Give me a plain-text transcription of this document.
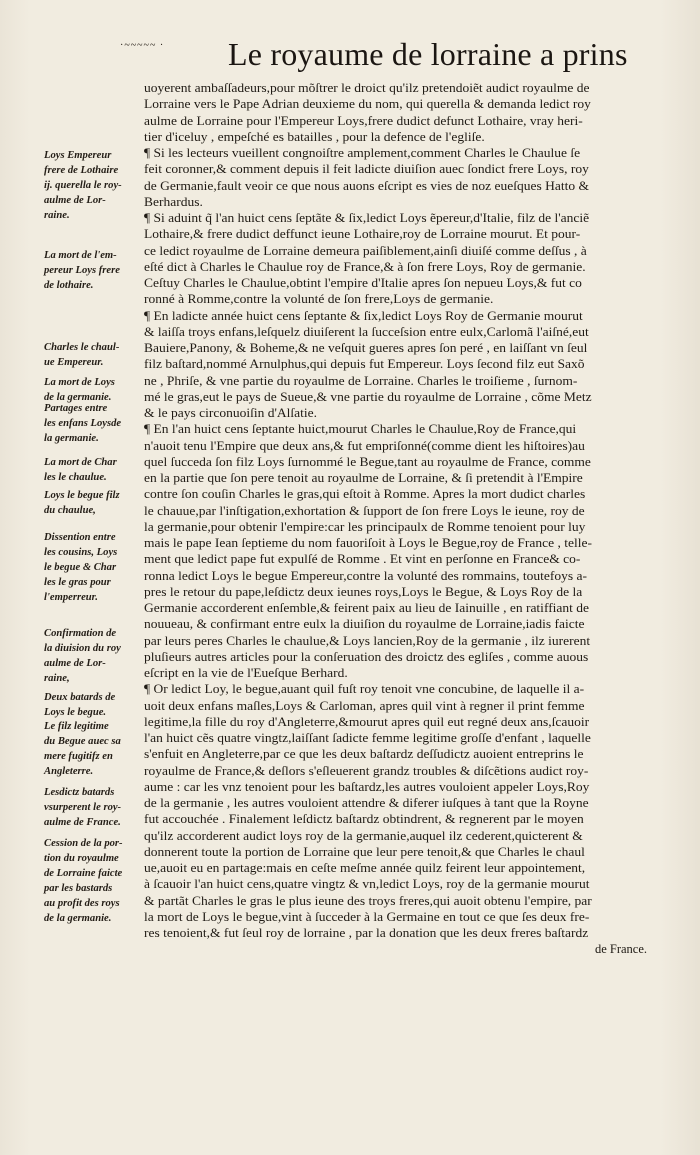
·~~~~~ · Le royaume de lorraine a prins
Loys Empereur
frere de Lothaire
ij. querella le roy-
aulme de Lor-
raine.
La mort de l'em-
pereur Loys frere
de lothaire.
Charles le chaul-
ue Empereur.
La mort de Loys
de la germanie.
Partages entre
les enfans Loysde
la germanie.
La mort de Char
les le chaulue.
Loys le begue filz
du chaulue,
Dissention entre
les cousins, Loys
le begue & Char
les le gras pour
l'emperreur.
Confirmation de
la diuision du roy
aulme de Lor-
raine,
Deux batards de
Loys le begue.
Le filz legitime
du Begue auec sa
mere fugitifz en
Angleterre.
Lesdictz batards
vsurperent le roy-
aulme de France.
Cession de la por-
tion du royaulme
de Lorraine faicte
par les bastards
au profit des roys
de la germanie.
uoyerent ambaſſadeurs,pour mõſtrer le droict qu'ilz pretendoiẽt audict royaulme de
Lorraine vers le Pape Adrian deuxieme du nom, qui querella & demanda ledict roy
aulme de Lorraine pour l'Empereur Loys,frere dudict defunct Lothaire, vray heri-
tier d'iceluy , empeſché es batailles , pour la defence de l'egliſe.
¶ Si les lecteurs vueillent congnoiſtre amplement,comment Charles le Chaulue ſe
feit coronner,& comment depuis il feit ladicte diuiſion auec ſondict frere Loys, roy
de Germanie,fault veoir ce que nous auons eſcript es vies de noz eueſques Hatto &
Berhardus.
¶ Si aduint q̃ l'an huict cens ſeptãte & ſix,ledict Loys ẽpereur,d'Italie, filz de l'anciẽ
Lothaire,& frere dudict deffunct ieune Lothaire,roy de Lorraine mourut. Et pour-
ce ledict royaulme de Lorraine demeura paiſiblement,ainſi diuiſé comme deſſus , à
eſté dict à Charles le Chaulue roy de France,& à ſon frere Loys, Roy de germanie.
Ceſtuy Charles le Chaulue,obtint l'empire d'Italie apres ſon nepueu Loys,& fut co
ronné à Romme,contre la volunté de ſon frere,Loys de germanie.
¶ En ladicte année huict cens ſeptante & ſix,ledict Loys Roy de Germanie mourut
& laiſſa troys enfans,leſquelz diuiſerent la ſucceſsion entre eulx,Carlomã l'aiſné,eut
Bauiere,Panony, & Boheme,& ne veſquit gueres apres ſon peré , en laiſſant vn ſeul
filz baſtard,nommé Arnulphus,qui depuis fut Empereur. Loys ſecond filz eut Saxõ
ne , Phriſe, & vne partie du royaulme de Lorraine. Charles le troiſieme , ſurnom-
mé le gras,eut le pays de Sueue,& vne partie du royaulme de Lorraine , cõme Metz
& le pays circonuoiſin d'Alſatie.
¶ En l'an huict cens ſeptante huict,mourut Charles le Chaulue,Roy de France,qui
n'auoit tenu l'Empire que deux ans,& fut empriſonné(comme dient les hiſtoires)au
quel ſucceda ſon filz Loys ſurnommé le Begue,tant au royaulme de France, comme
en la partie que ſon pere tenoit au royaulme de Lorraine, & ſi pretendit à l'Empire
contre ſon couſin Charles le gras,qui eſtoit à Romme. Apres la mort dudict charles
le chauue,par l'inſtigation,exhortation & ſupport de ſon frere Loys le ieune, roy de
la germanie,pour obtenir l'empire:car les principaulx de Romme tenoient pour luy
mais le pape Iean ſeptieme du nom fauoriſoit à Loys le Begue,roy de France , telle-
ment que ledict pape fut expulſé de Romme . Et vint en perſonne en France& co-
ronna ledict Loys le begue Empereur,contre la volunté des rommains, toutefoys a-
pres le retour du pape,leſdictz deux ieunes roys,Loys le Begue, & Loys Roy de la
Germanie accorderent enſemble,& feirent paix au lieu de Iainuille , en ratiffiant de
nouueau, & confirmant entre eulx la diuiſion du royaulme de Lorraine,iadis faicte
par leurs peres Charles le chaulue,& Loys lancien,Roy de la germanie , ilz iurerent
pluſieurs autres articles pour la conſeruation des droictz des egliſes , comme auous
eſcript en la vie de l'Eueſque Berhard.
¶ Or ledict Loy, le begue,auant quil fuſt roy tenoit vne concubine, de laquelle il a-
uoit deux enfans maſles,Loys & Carloman, apres quil vint à regner il print femme
legitime,la fille du roy d'Angleterre,&mourut apres quil eut regné deux ans,ſcauoir
l'an huict cẽs quatre vingtz,laiſſant ſadicte femme legitime groſſe d'enfant , laquelle
s'enfuit en Angleterre,par ce que les deux baſtardz deſſudictz auoient entreprins le
royaulme de France,& deſlors s'eſleuerent grandz troubles & diſcẽtions audict roy-
aume : car les vnz tenoient pour les baſtardz,les autres vouloient appeler Loys,Roy
de la germanie , les autres vouloient attendre & diferer iuſques à tant que la Royne
fut accouchée . Finalement leſdictz baſtardz obtindrent, & regnerent par le moyen
qu'ilz accorderent audict loys roy de la germanie,auquel ilz cederent,quicterent &
donnerent toute la portion de Lorraine que leur pere tenoit,& que Charles le chaul
ue,auoit eu en partage:mais en ceſte meſme année quilz feirent leur appointement,
à ſcauoir l'an huict cens,quatre vingtz & vn,ledict Loys, roy de la germanie mourut
& partãt Charles le gras le plus ieune des troys freres,qui auoit obtenu l'empire, par
la mort de Loys le begue,vint à ſucceder à la Germaine en tout ce que ſes deux fre-
res tenoient,& fut ſeul roy de lorraine , par la donation que les deux freres baſtardz
de France.
